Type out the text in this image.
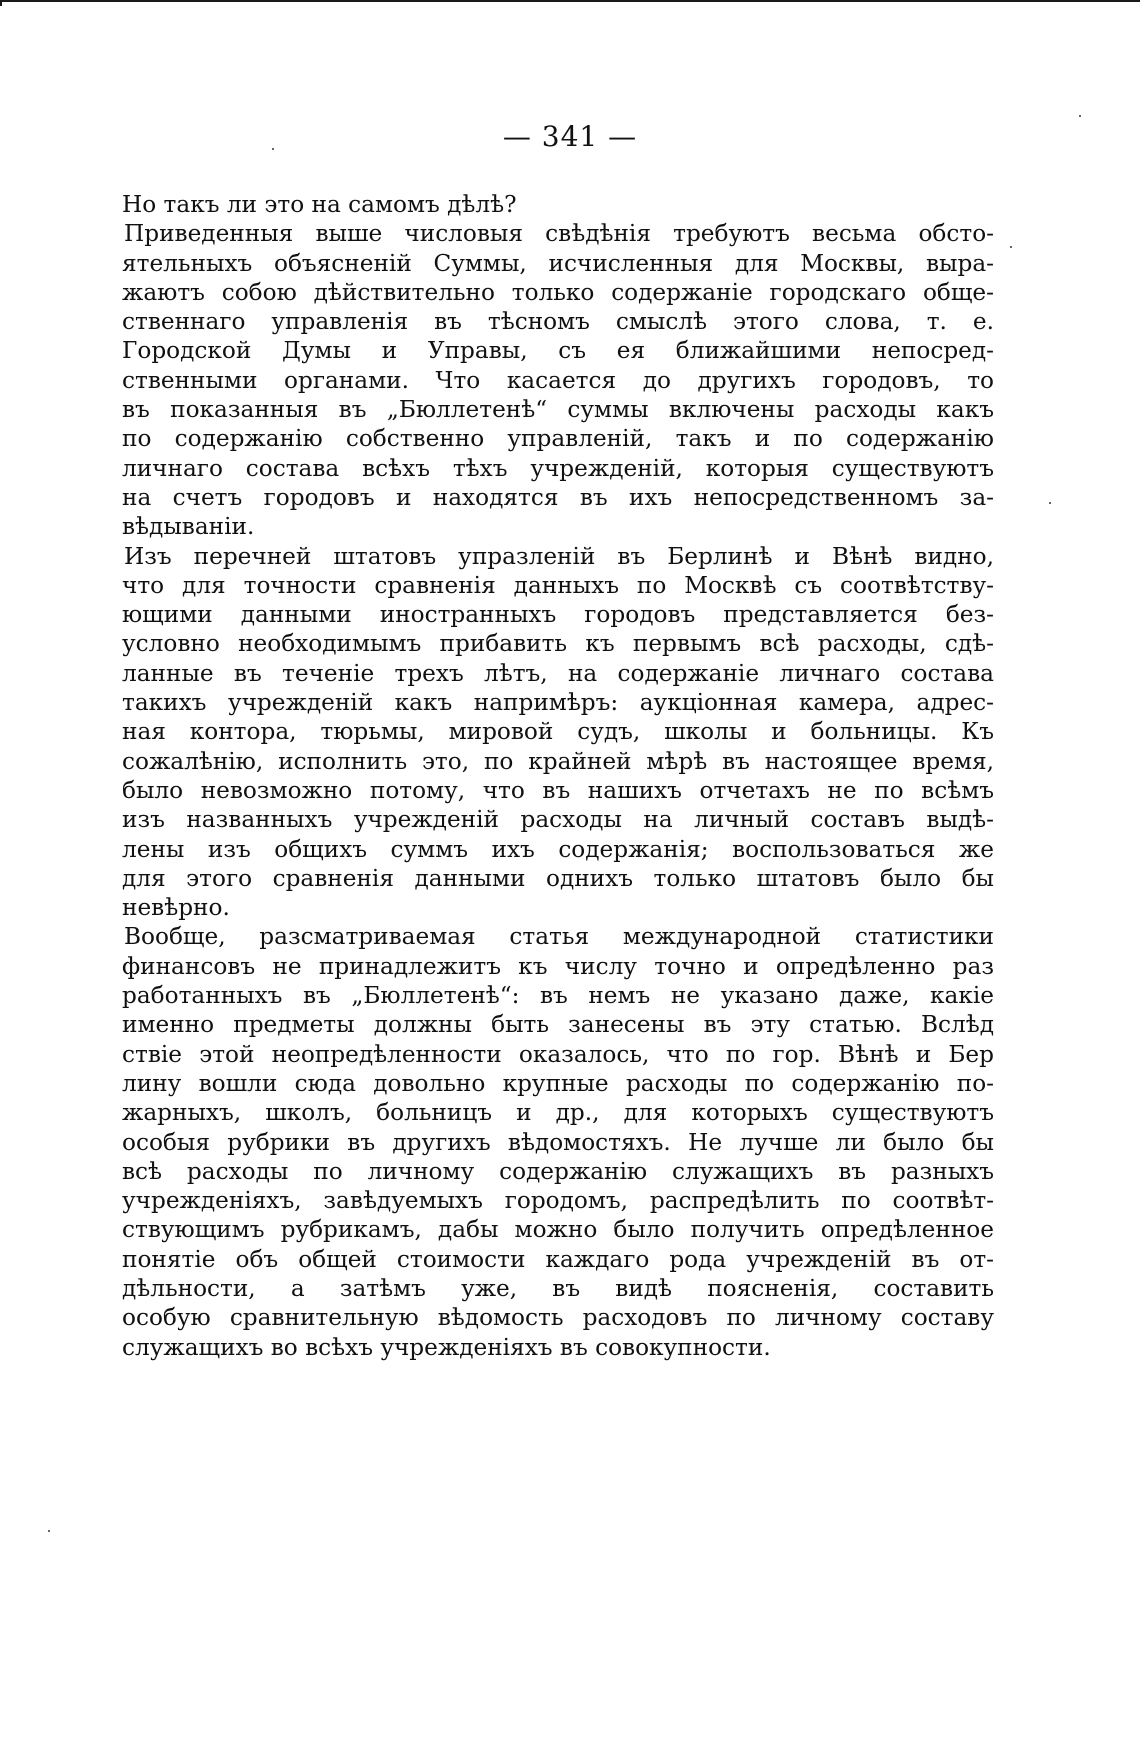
— 341 —
Но такъ ли это на самомъ дѣлѣ?
Приведенныя выше числовыя свѣдѣнія требуютъ весьма обсто-
ятельныхъ объясненій Суммы, исчисленныя для Москвы, выра-
жаютъ собою дѣйствительно только содержаніе городскаго обще-
ственнаго управленія въ тѣсномъ смыслѣ этого слова, т. е.
Городской Думы и Управы, съ ея ближайшими непосред-
ственными органами. Что касается до другихъ городовъ, то
въ показанныя въ „Бюллетенѣ“ суммы включены расходы какъ
по содержанію собственно управленій, такъ и по содержанію
личнаго состава всѣхъ тѣхъ учрежденій, которыя существуютъ
на счетъ городовъ и находятся въ ихъ непосредственномъ за-
вѣдываніи.
Изъ перечней штатовъ упразленій въ Берлинѣ и Вѣнѣ видно,
что для точности сравненія данныхъ по Москвѣ съ соотвѣтству-
ющими данными иностранныхъ городовъ представляется без-
условно необходимымъ прибавить къ первымъ всѣ расходы, сдѣ-
ланные въ теченіе трехъ лѣтъ, на содержаніе личнаго состава
такихъ учрежденій какъ напримѣръ: аукціонная камера, адрес-
ная контора, тюрьмы, мировой судъ, школы и больницы. Къ
сожалѣнію, исполнить это, по крайней мѣрѣ въ настоящее время,
было невозможно потому, что въ нашихъ отчетахъ не по всѣмъ
изъ названныхъ учрежденій расходы на личный составъ выдѣ-
лены изъ общихъ суммъ ихъ содержанія; воспользоваться же
для этого сравненія данными однихъ только штатовъ было бы
невѣрно.
Вообще, разсматриваемая статья международной статистики
финансовъ не принадлежитъ къ числу точно и опредѣленно раз
работанныхъ въ „Бюллетенѣ“: въ немъ не указано даже, какіе
именно предметы должны быть занесены въ эту статью. Вслѣд
ствіе этой неопредѣленности оказалось, что по гор. Вѣнѣ и Бер
лину вошли сюда довольно крупные расходы по содержанію по-
жарныхъ, школъ, больницъ и др., для которыхъ существуютъ
особыя рубрики въ другихъ вѣдомостяхъ. Не лучше ли было бы
всѣ расходы по личному содержанію служащихъ въ разныхъ
учрежденіяхъ, завѣдуемыхъ городомъ, распредѣлить по соотвѣт-
ствующимъ рубрикамъ, дабы можно было получить опредѣленное
понятіе объ общей стоимости каждаго рода учрежденій въ от-
дѣльности, а затѣмъ уже, въ видѣ поясненія, составить
особую сравнительную вѣдомость расходовъ по личному составу
служащихъ во всѣхъ учрежденіяхъ въ совокупности.
